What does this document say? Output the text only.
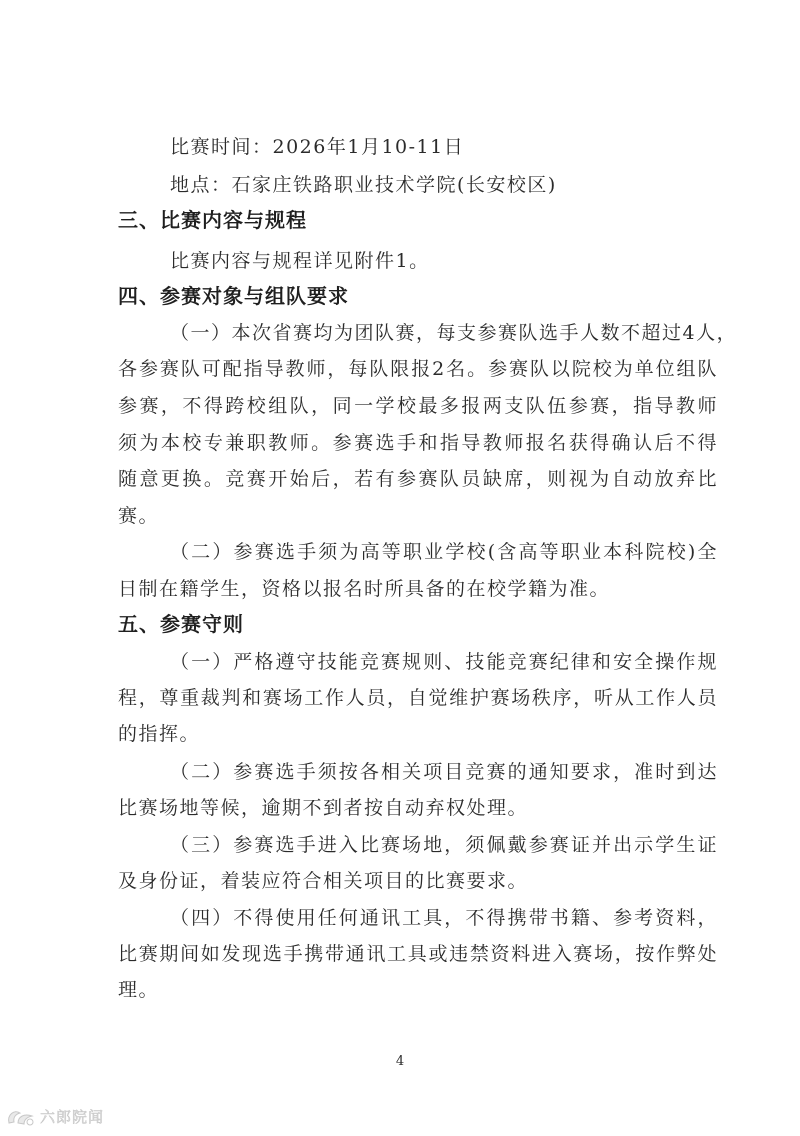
比赛时间：2026年1月10-11日
地点：石家庄铁路职业技术学院(长安校区)
三、比赛内容与规程
比赛内容与规程详见附件1。
四、参赛对象与组队要求
（一）本次省赛均为团队赛，每支参赛队选手人数不超过4人，
各参赛队可配指导教师，每队限报2名。参赛队以院校为单位组队
参赛，不得跨校组队，同一学校最多报两支队伍参赛，指导教师
须为本校专兼职教师。参赛选手和指导教师报名获得确认后不得
随意更换。竞赛开始后，若有参赛队员缺席，则视为自动放弃比
赛。
（二）参赛选手须为高等职业学校(含高等职业本科院校)全
日制在籍学生，资格以报名时所具备的在校学籍为准。
五、参赛守则
（一）严格遵守技能竞赛规则、技能竞赛纪律和安全操作规
程，尊重裁判和赛场工作人员，自觉维护赛场秩序，听从工作人员
的指挥。
（二）参赛选手须按各相关项目竞赛的通知要求，准时到达
比赛场地等候，逾期不到者按自动弃权处理。
（三）参赛选手进入比赛场地，须佩戴参赛证并出示学生证
及身份证，着装应符合相关项目的比赛要求。
（四）不得使用任何通讯工具，不得携带书籍、参考资料，
比赛期间如发现选手携带通讯工具或违禁资料进入赛场，按作弊处
理。
4
六郎院闻
